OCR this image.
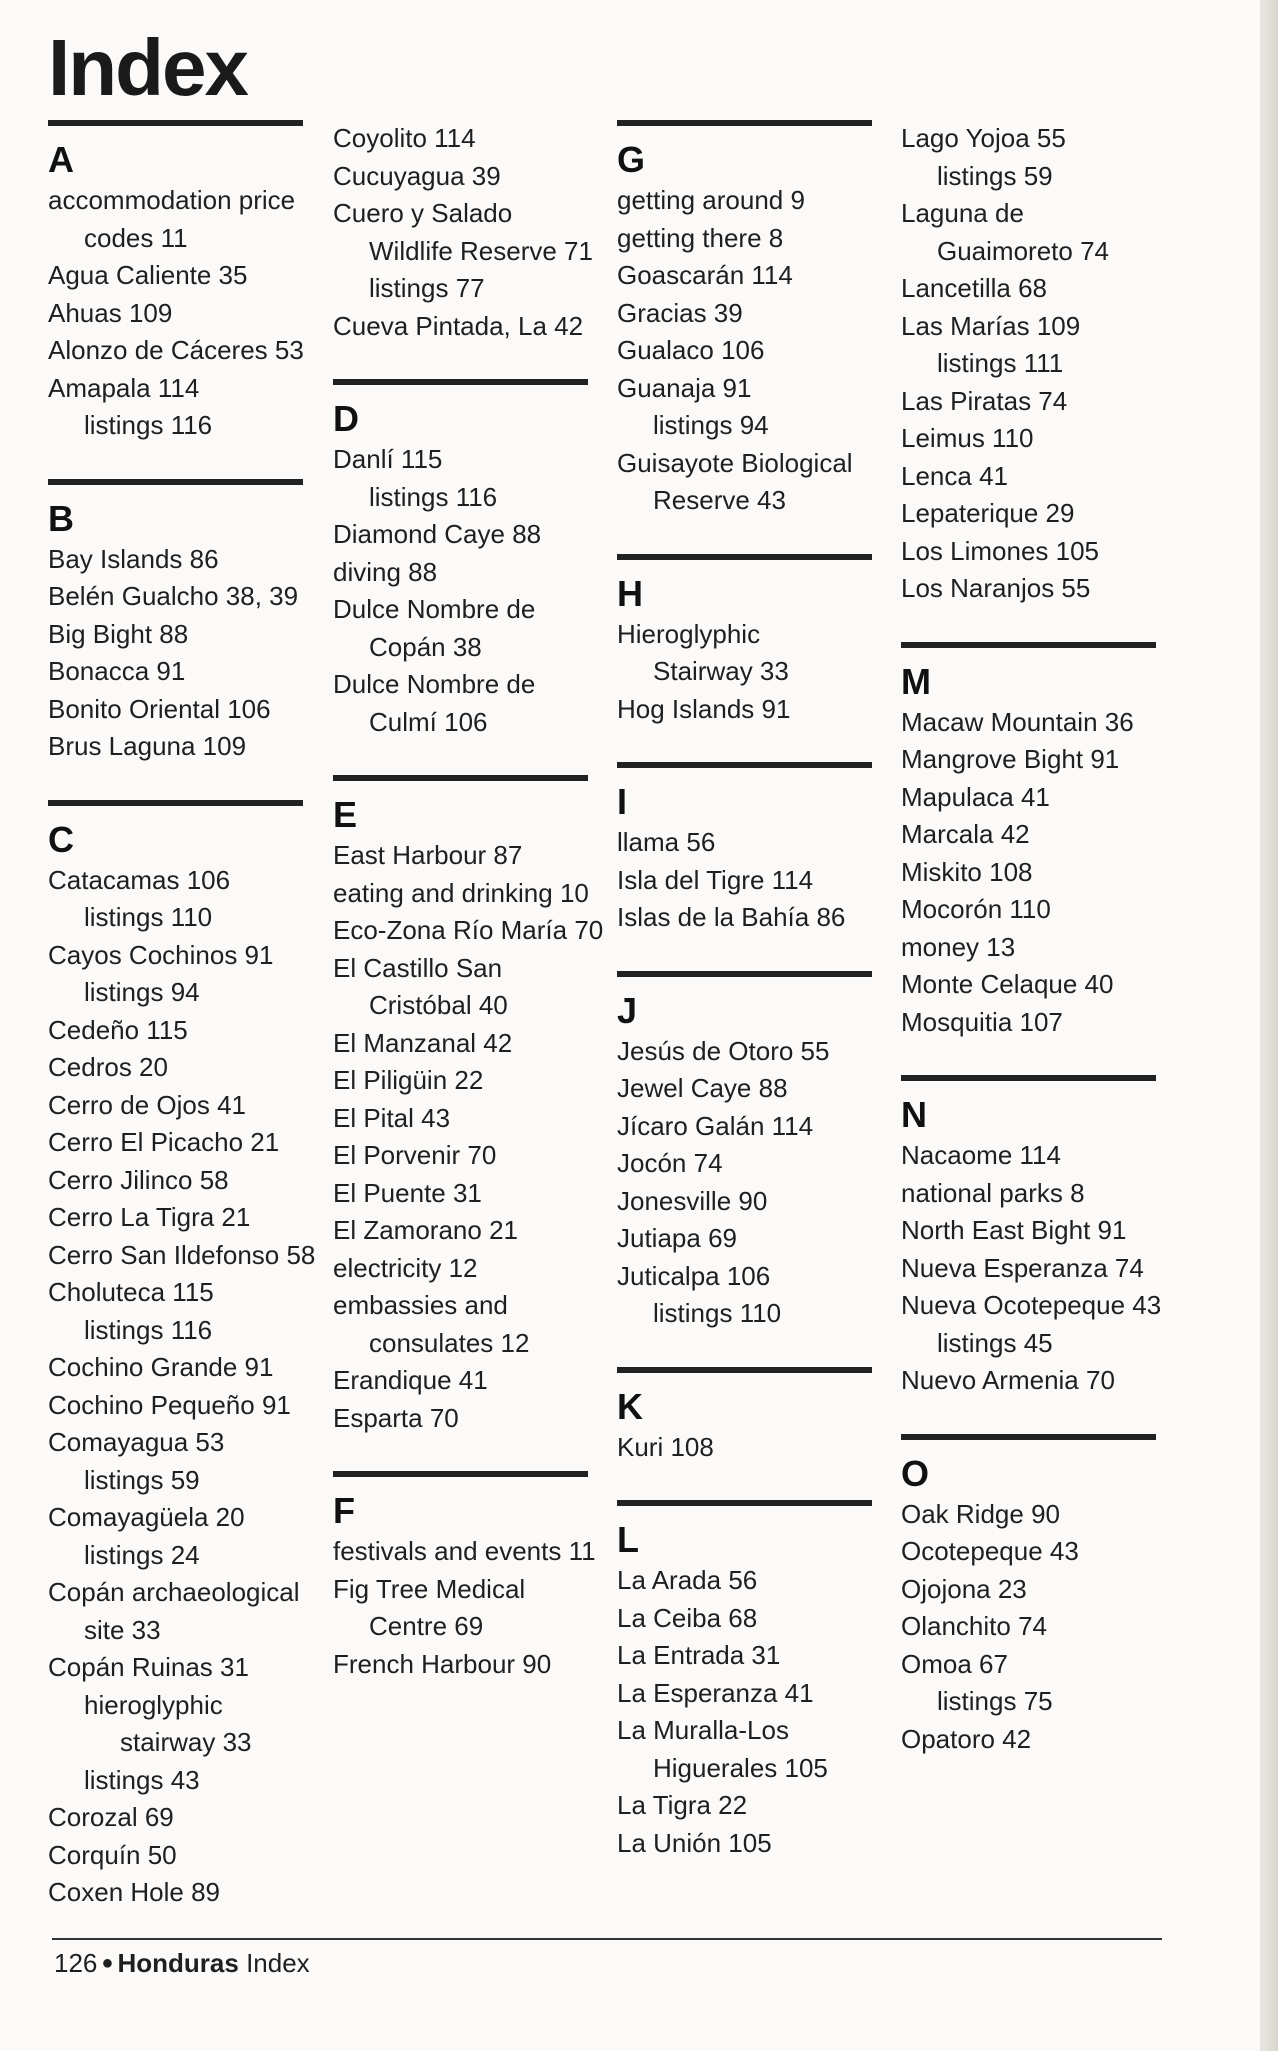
Index
A
accommodation price
codes 11
Agua Caliente 35
Ahuas 109
Alonzo de Cáceres 53
Amapala 114
listings 116
B
Bay Islands 86
Belén Gualcho 38, 39
Big Bight 88
Bonacca 91
Bonito Oriental 106
Brus Laguna 109
C
Catacamas 106
listings 110
Cayos Cochinos 91
listings 94
Cedeño 115
Cedros 20
Cerro de Ojos 41
Cerro El Picacho 21
Cerro Jilinco 58
Cerro La Tigra 21
Cerro San Ildefonso 58
Choluteca 115
listings 116
Cochino Grande 91
Cochino Pequeño 91
Comayagua 53
listings 59
Comayagüela 20
listings 24
Copán archaeological
site 33
Copán Ruinas 31
hieroglyphic
stairway 33
listings 43
Corozal 69
Corquín 50
Coxen Hole 89
Coyolito 114
Cucuyagua 39
Cuero y Salado
Wildlife Reserve 71
listings 77
Cueva Pintada, La 42
D
Danlí 115
listings 116
Diamond Caye 88
diving 88
Dulce Nombre de
Copán 38
Dulce Nombre de
Culmí 106
E
East Harbour 87
eating and drinking 10
Eco-Zona Río María 70
El Castillo San
Cristóbal 40
El Manzanal 42
El Piligüin 22
El Pital 43
El Porvenir 70
El Puente 31
El Zamorano 21
electricity 12
embassies and
consulates 12
Erandique 41
Esparta 70
F
festivals and events 11
Fig Tree Medical
Centre 69
French Harbour 90
G
getting around 9
getting there 8
Goascarán 114
Gracias 39
Gualaco 106
Guanaja 91
listings 94
Guisayote Biological
Reserve 43
H
Hieroglyphic
Stairway 33
Hog Islands 91
I
llama 56
Isla del Tigre 114
Islas de la Bahía 86
J
Jesús de Otoro 55
Jewel Caye 88
Jícaro Galán 114
Jocón 74
Jonesville 90
Jutiapa 69
Juticalpa 106
listings 110
K
Kuri 108
L
La Arada 56
La Ceiba 68
La Entrada 31
La Esperanza 41
La Muralla-Los
Higuerales 105
La Tigra 22
La Unión 105
Lago Yojoa 55
listings 59
Laguna de
Guaimoreto 74
Lancetilla 68
Las Marías 109
listings 111
Las Piratas 74
Leimus 110
Lenca 41
Lepaterique 29
Los Limones 105
Los Naranjos 55
M
Macaw Mountain 36
Mangrove Bight 91
Mapulaca 41
Marcala 42
Miskito 108
Mocorón 110
money 13
Monte Celaque 40
Mosquitia 107
N
Nacaome 114
national parks 8
North East Bight 91
Nueva Esperanza 74
Nueva Ocotepeque 43
listings 45
Nuevo Armenia 70
O
Oak Ridge 90
Ocotepeque 43
Ojojona 23
Olanchito 74
Omoa 67
listings 75
Opatoro 42
126 ● Honduras Index
